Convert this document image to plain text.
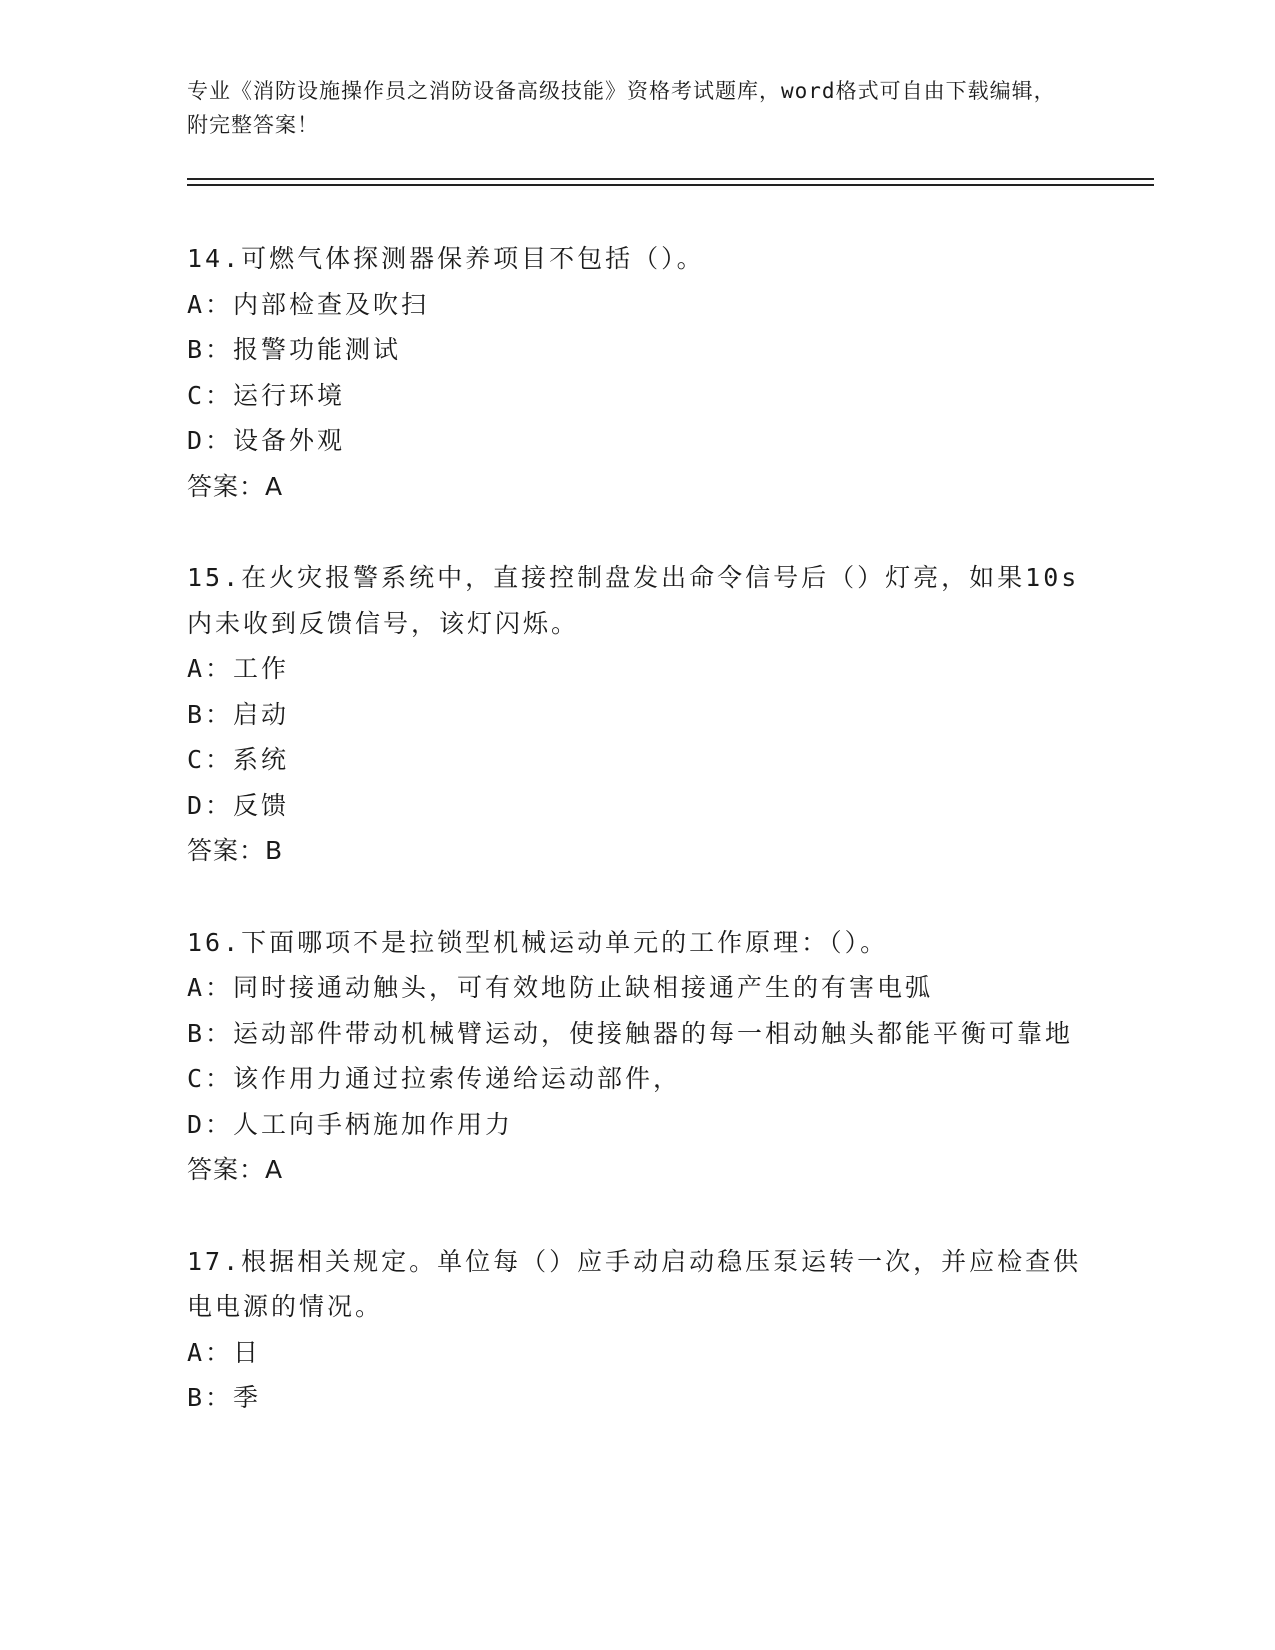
专业《消防设施操作员之消防设备高级技能》资格考试题库，word格式可自由下载编辑，附完整答案！
14.可燃气体探测器保养项目不包括（）。
A：内部检查及吹扫
B：报警功能测试
C：运行环境
D：设备外观
答案：A
15.在火灾报警系统中，直接控制盘发出命令信号后（）灯亮，如果10s内未收到反馈信号，该灯闪烁。
A：工作
B：启动
C：系统
D：反馈
答案：B
16.下面哪项不是拉锁型机械运动单元的工作原理：（）。
A：同时接通动触头，可有效地防止缺相接通产生的有害电弧
B：运动部件带动机械臂运动，使接触器的每一相动触头都能平衡可靠地
C：该作用力通过拉索传递给运动部件，
D：人工向手柄施加作用力
答案：A
17.根据相关规定。单位每（）应手动启动稳压泵运转一次，并应检查供电电源的情况。
A：日
B：季
